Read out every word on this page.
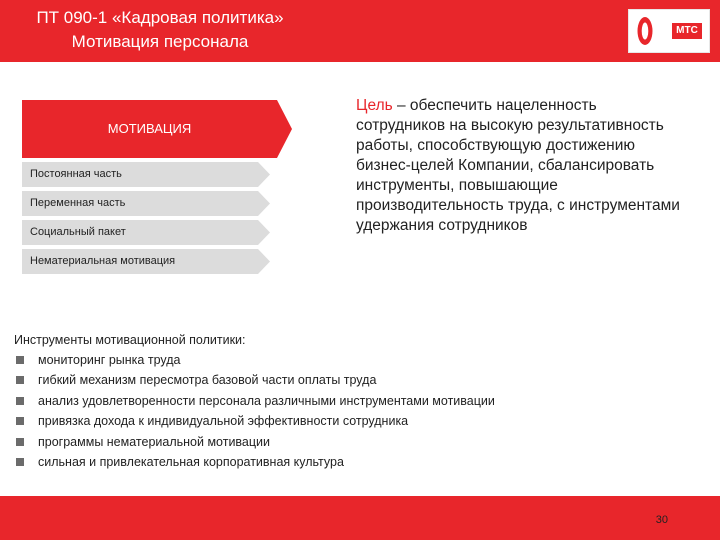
ПТ 090-1 «Кадровая политика»
Мотивация персонала
МТС
МОТИВАЦИЯ
Постоянная часть
Переменная часть
Социальный пакет
Нематериальная мотивация
Цель – обеспечить нацеленность сотрудников на высокую результативность работы, способствующую достижению бизнес-целей Компании, сбалансировать инструменты, повышающие производительность труда, с инструментами удержания сотрудников
Инструменты мотивационной политики:
мониторинг рынка труда
гибкий механизм пересмотра базовой части оплаты труда
анализ удовлетворенности персонала различными инструментами мотивации
привязка дохода к индивидуальной эффективности сотрудника
программы нематериальной мотивации
сильная и привлекательная корпоративная культура
30
